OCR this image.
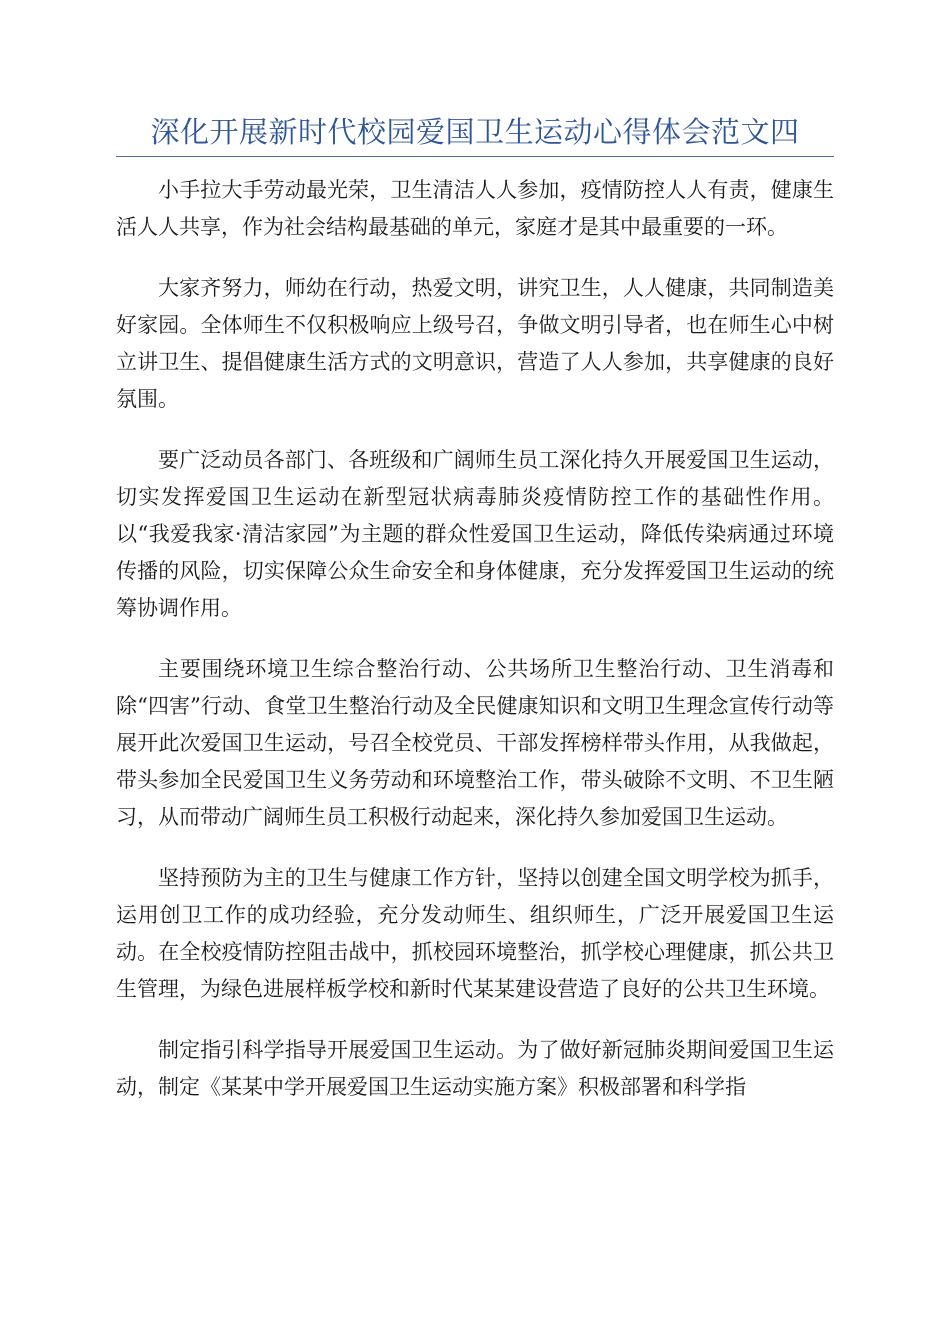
深化开展新时代校园爱国卫生运动心得体会范文四

小手拉大手劳动最光荣，卫生清洁人人参加，疫情防控人人有责，健康生活人人共享，作为社会结构最基础的单元，家庭才是其中最重要的一环。

大家齐努力，师幼在行动，热爱文明，讲究卫生，人人健康，共同制造美好家园。全体师生不仅积极响应上级号召，争做文明引导者，也在师生心中树立讲卫生、提倡健康生活方式的文明意识，营造了人人参加，共享健康的良好氛围。

要广泛动员各部门、各班级和广阔师生员工深化持久开展爱国卫生运动，切实发挥爱国卫生运动在新型冠状病毒肺炎疫情防控工作的基础性作用。以“我爱我家·清洁家园”为主题的群众性爱国卫生运动，降低传染病通过环境传播的风险，切实保障公众生命安全和身体健康，充分发挥爱国卫生运动的统筹协调作用。

主要围绕环境卫生综合整治行动、公共场所卫生整治行动、卫生消毒和除“四害”行动、食堂卫生整治行动及全民健康知识和文明卫生理念宣传行动等展开此次爱国卫生运动，号召全校党员、干部发挥榜样带头作用，从我做起，带头参加全民爱国卫生义务劳动和环境整治工作，带头破除不文明、不卫生陋习，从而带动广阔师生员工积极行动起来，深化持久参加爱国卫生运动。

坚持预防为主的卫生与健康工作方针，坚持以创建全国文明学校为抓手，运用创卫工作的成功经验，充分发动师生、组织师生，广泛开展爱国卫生运动。在全校疫情防控阻击战中，抓校园环境整治，抓学校心理健康，抓公共卫生管理，为绿色进展样板学校和新时代某某建设营造了良好的公共卫生环境。

制定指引科学指导开展爱国卫生运动。为了做好新冠肺炎期间爱国卫生运动，制定《某某中学开展爱国卫生运动实施方案》积极部署和科学指
